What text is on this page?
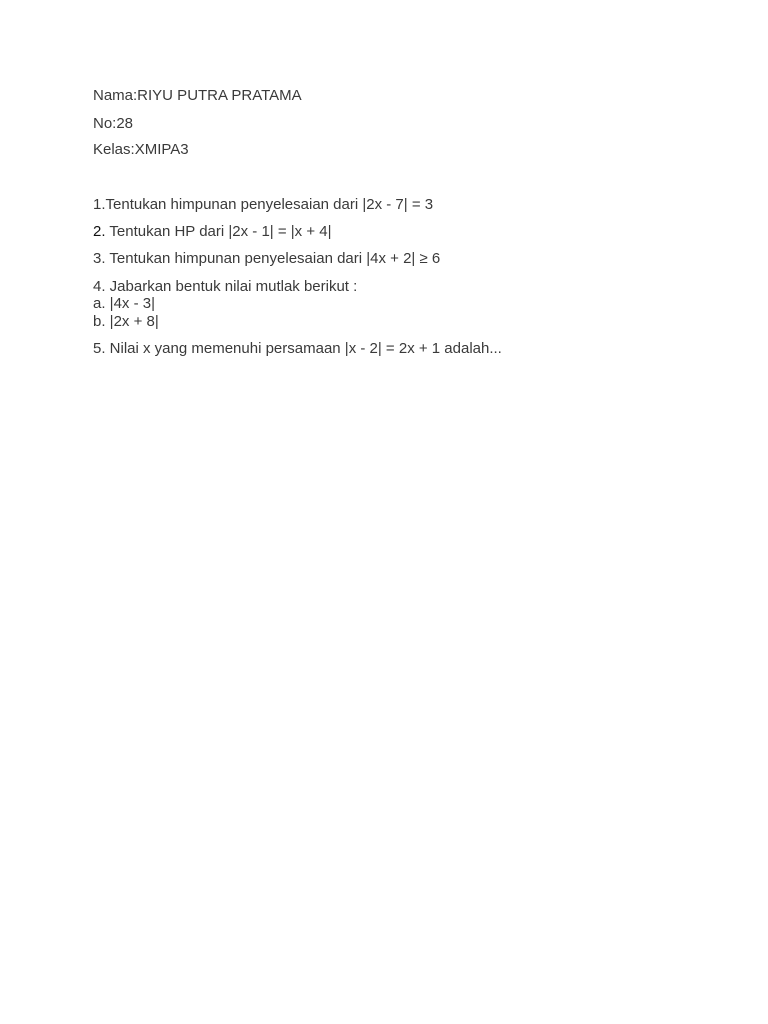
Nama:RIYU PUTRA PRATAMA
No:28
Kelas:XMIPA3
1.Tentukan himpunan penyelesaian dari |2x - 7| = 3
2. Tentukan HP dari |2x - 1| = |x + 4|
3. Tentukan himpunan penyelesaian dari |4x + 2| ≥ 6
4. Jabarkan bentuk nilai mutlak berikut :
a. |4x - 3|
b. |2x + 8|
5. Nilai x yang memenuhi persamaan |x - 2| = 2x + 1 adalah...
